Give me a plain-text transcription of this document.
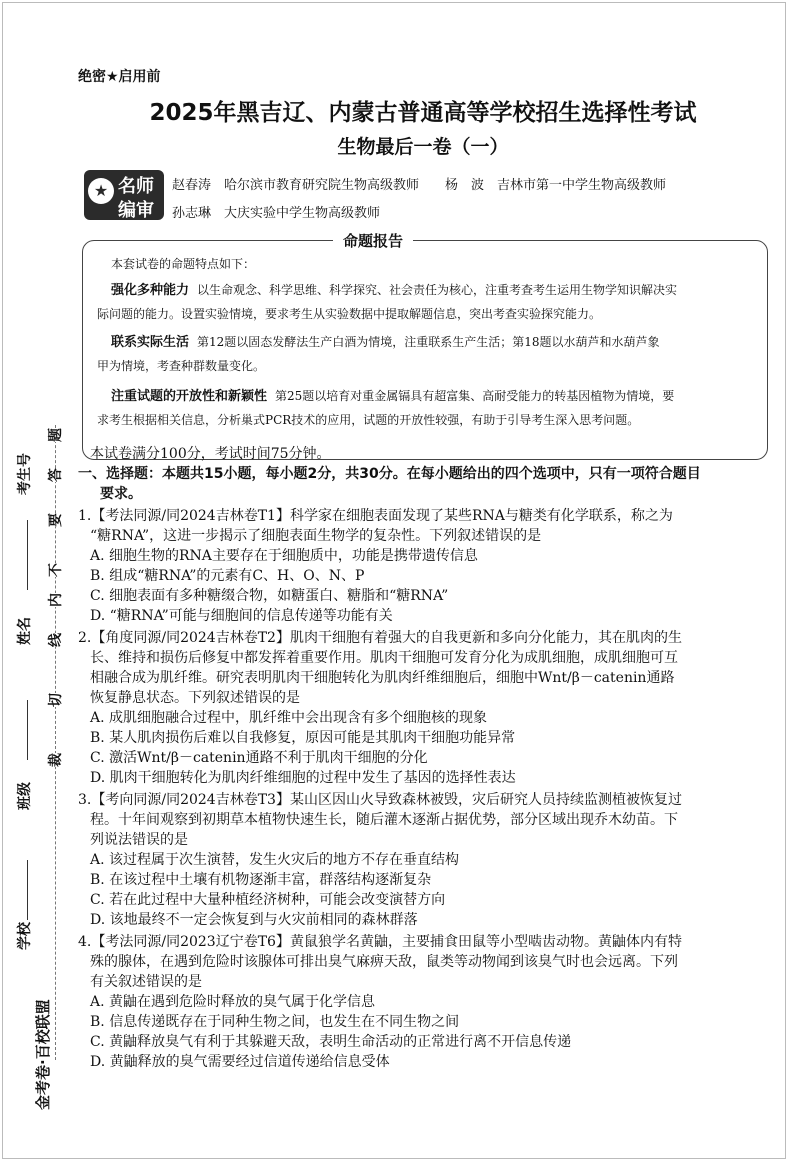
金考卷·百校联盟
学校
班级
姓名
考生号
裁
切
线
内
不
要
答
题
绝密★启用前
2025年黑吉辽、内蒙古普通高等学校招生选择性考试
生物最后一卷（一）
★ 名师
编审
赵春涛　哈尔滨市教育研究院生物高级教师　　杨　波　吉林市第一中学生物高级教师
孙志琳　大庆实验中学生物高级教师
命题报告
本套试卷的命题特点如下：
强化多种能力 以生命观念、科学思维、科学探究、社会责任为核心，注重考查考生运用生物学知识解决实
际问题的能力。设置实验情境，要求考生从实验数据中提取解题信息，突出考查实验探究能力。
联系实际生活 第12题以固态发酵法生产白酒为情境，注重联系生产生活；第18题以水葫芦和水葫芦象
甲为情境，考查种群数量变化。
注重试题的开放性和新颖性 第25题以培育对重金属镉具有超富集、高耐受能力的转基因植物为情境，要
求考生根据相关信息，分析巢式PCR技术的应用，试题的开放性较强，有助于引导考生深入思考问题。
本试卷满分100分，考试时间75分钟。
一、选择题：本题共15小题，每小题2分，共30分。在每小题给出的四个选项中，只有一项符合题目
要求。
1.【考法同源/同2024吉林卷T1】科学家在细胞表面发现了某些RNA与糖类有化学联系，称之为
“糖RNA”，这进一步揭示了细胞表面生物学的复杂性。下列叙述错误的是
A. 细胞生物的RNA主要存在于细胞质中，功能是携带遗传信息
B. 组成“糖RNA”的元素有C、H、O、N、P
C. 细胞表面有多种糖缀合物，如糖蛋白、糖脂和“糖RNA”
D. “糖RNA”可能与细胞间的信息传递等功能有关
2.【角度同源/同2024吉林卷T2】肌肉干细胞有着强大的自我更新和多向分化能力，其在肌肉的生
长、维持和损伤后修复中都发挥着重要作用。肌肉干细胞可发育分化为成肌细胞，成肌细胞可互
相融合成为肌纤维。研究表明肌肉干细胞转化为肌肉纤维细胞后，细胞中Wnt/β－catenin通路
恢复静息状态。下列叙述错误的是
A. 成肌细胞融合过程中，肌纤维中会出现含有多个细胞核的现象
B. 某人肌肉损伤后难以自我修复，原因可能是其肌肉干细胞功能异常
C. 激活Wnt/β－catenin通路不利于肌肉干细胞的分化
D. 肌肉干细胞转化为肌肉纤维细胞的过程中发生了基因的选择性表达
3.【考向同源/同2024吉林卷T3】某山区因山火导致森林被毁，灾后研究人员持续监测植被恢复过
程。十年间观察到初期草本植物快速生长，随后灌木逐渐占据优势，部分区域出现乔木幼苗。下
列说法错误的是
A. 该过程属于次生演替，发生火灾后的地方不存在垂直结构
B. 在该过程中土壤有机物逐渐丰富，群落结构逐渐复杂
C. 若在此过程中大量种植经济树种，可能会改变演替方向
D. 该地最终不一定会恢复到与火灾前相同的森林群落
4.【考法同源/同2023辽宁卷T6】黄鼠狼学名黄鼬，主要捕食田鼠等小型啮齿动物。黄鼬体内有特
殊的腺体，在遇到危险时该腺体可排出臭气麻痹天敌，鼠类等动物闻到该臭气时也会远离。下列
有关叙述错误的是
A. 黄鼬在遇到危险时释放的臭气属于化学信息
B. 信息传递既存在于同种生物之间，也发生在不同生物之间
C. 黄鼬释放臭气有利于其躲避天敌，表明生命活动的正常进行离不开信息传递
D. 黄鼬释放的臭气需要经过信道传递给信息受体
